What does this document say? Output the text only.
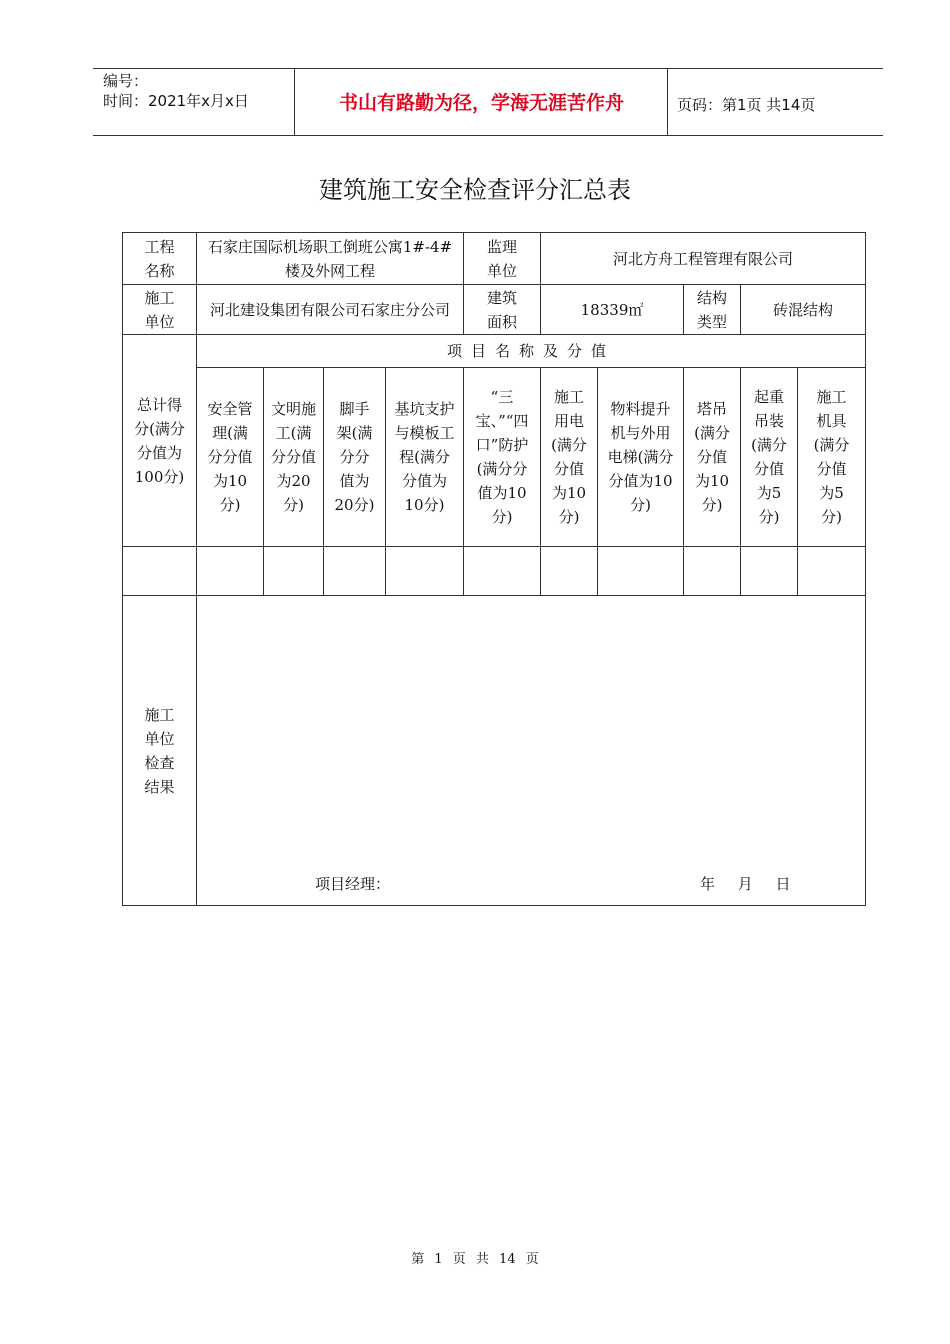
编号：
时间：2021年x月x日	书山有路勤为径，学海无涯苦作舟	页码：第1页 共14页
建筑施工安全检查评分汇总表
工程名称	石家庄国际机场职工倒班公寓1#-4#楼及外网工程				监理单位	河北方舟工程管理有限公司				

施工单位	河北建设集团有限公司石家庄分公司				建筑面积	18339㎡		结构类型	砖混结构	

总计得分(满分分值为100分)	项目名称及分值									

	安全管理(满分分值为10分)	文明施工(满分分值为20分)	脚手架(满分分值为20分)	基坑支护与模板工程(满分分值为10分)	“三宝、”“四口”防护(满分分值为10分)	施工用电(满分分值为10分)	物料提升机与外用电梯(满分分值为10分)	塔吊(满分分值为10分)	起重吊装(满分分值为5分)	施工机具(满分分值为5分)

施工单位检查结果	项目经理： 年 月 日									
第 1 页 共 14 页
